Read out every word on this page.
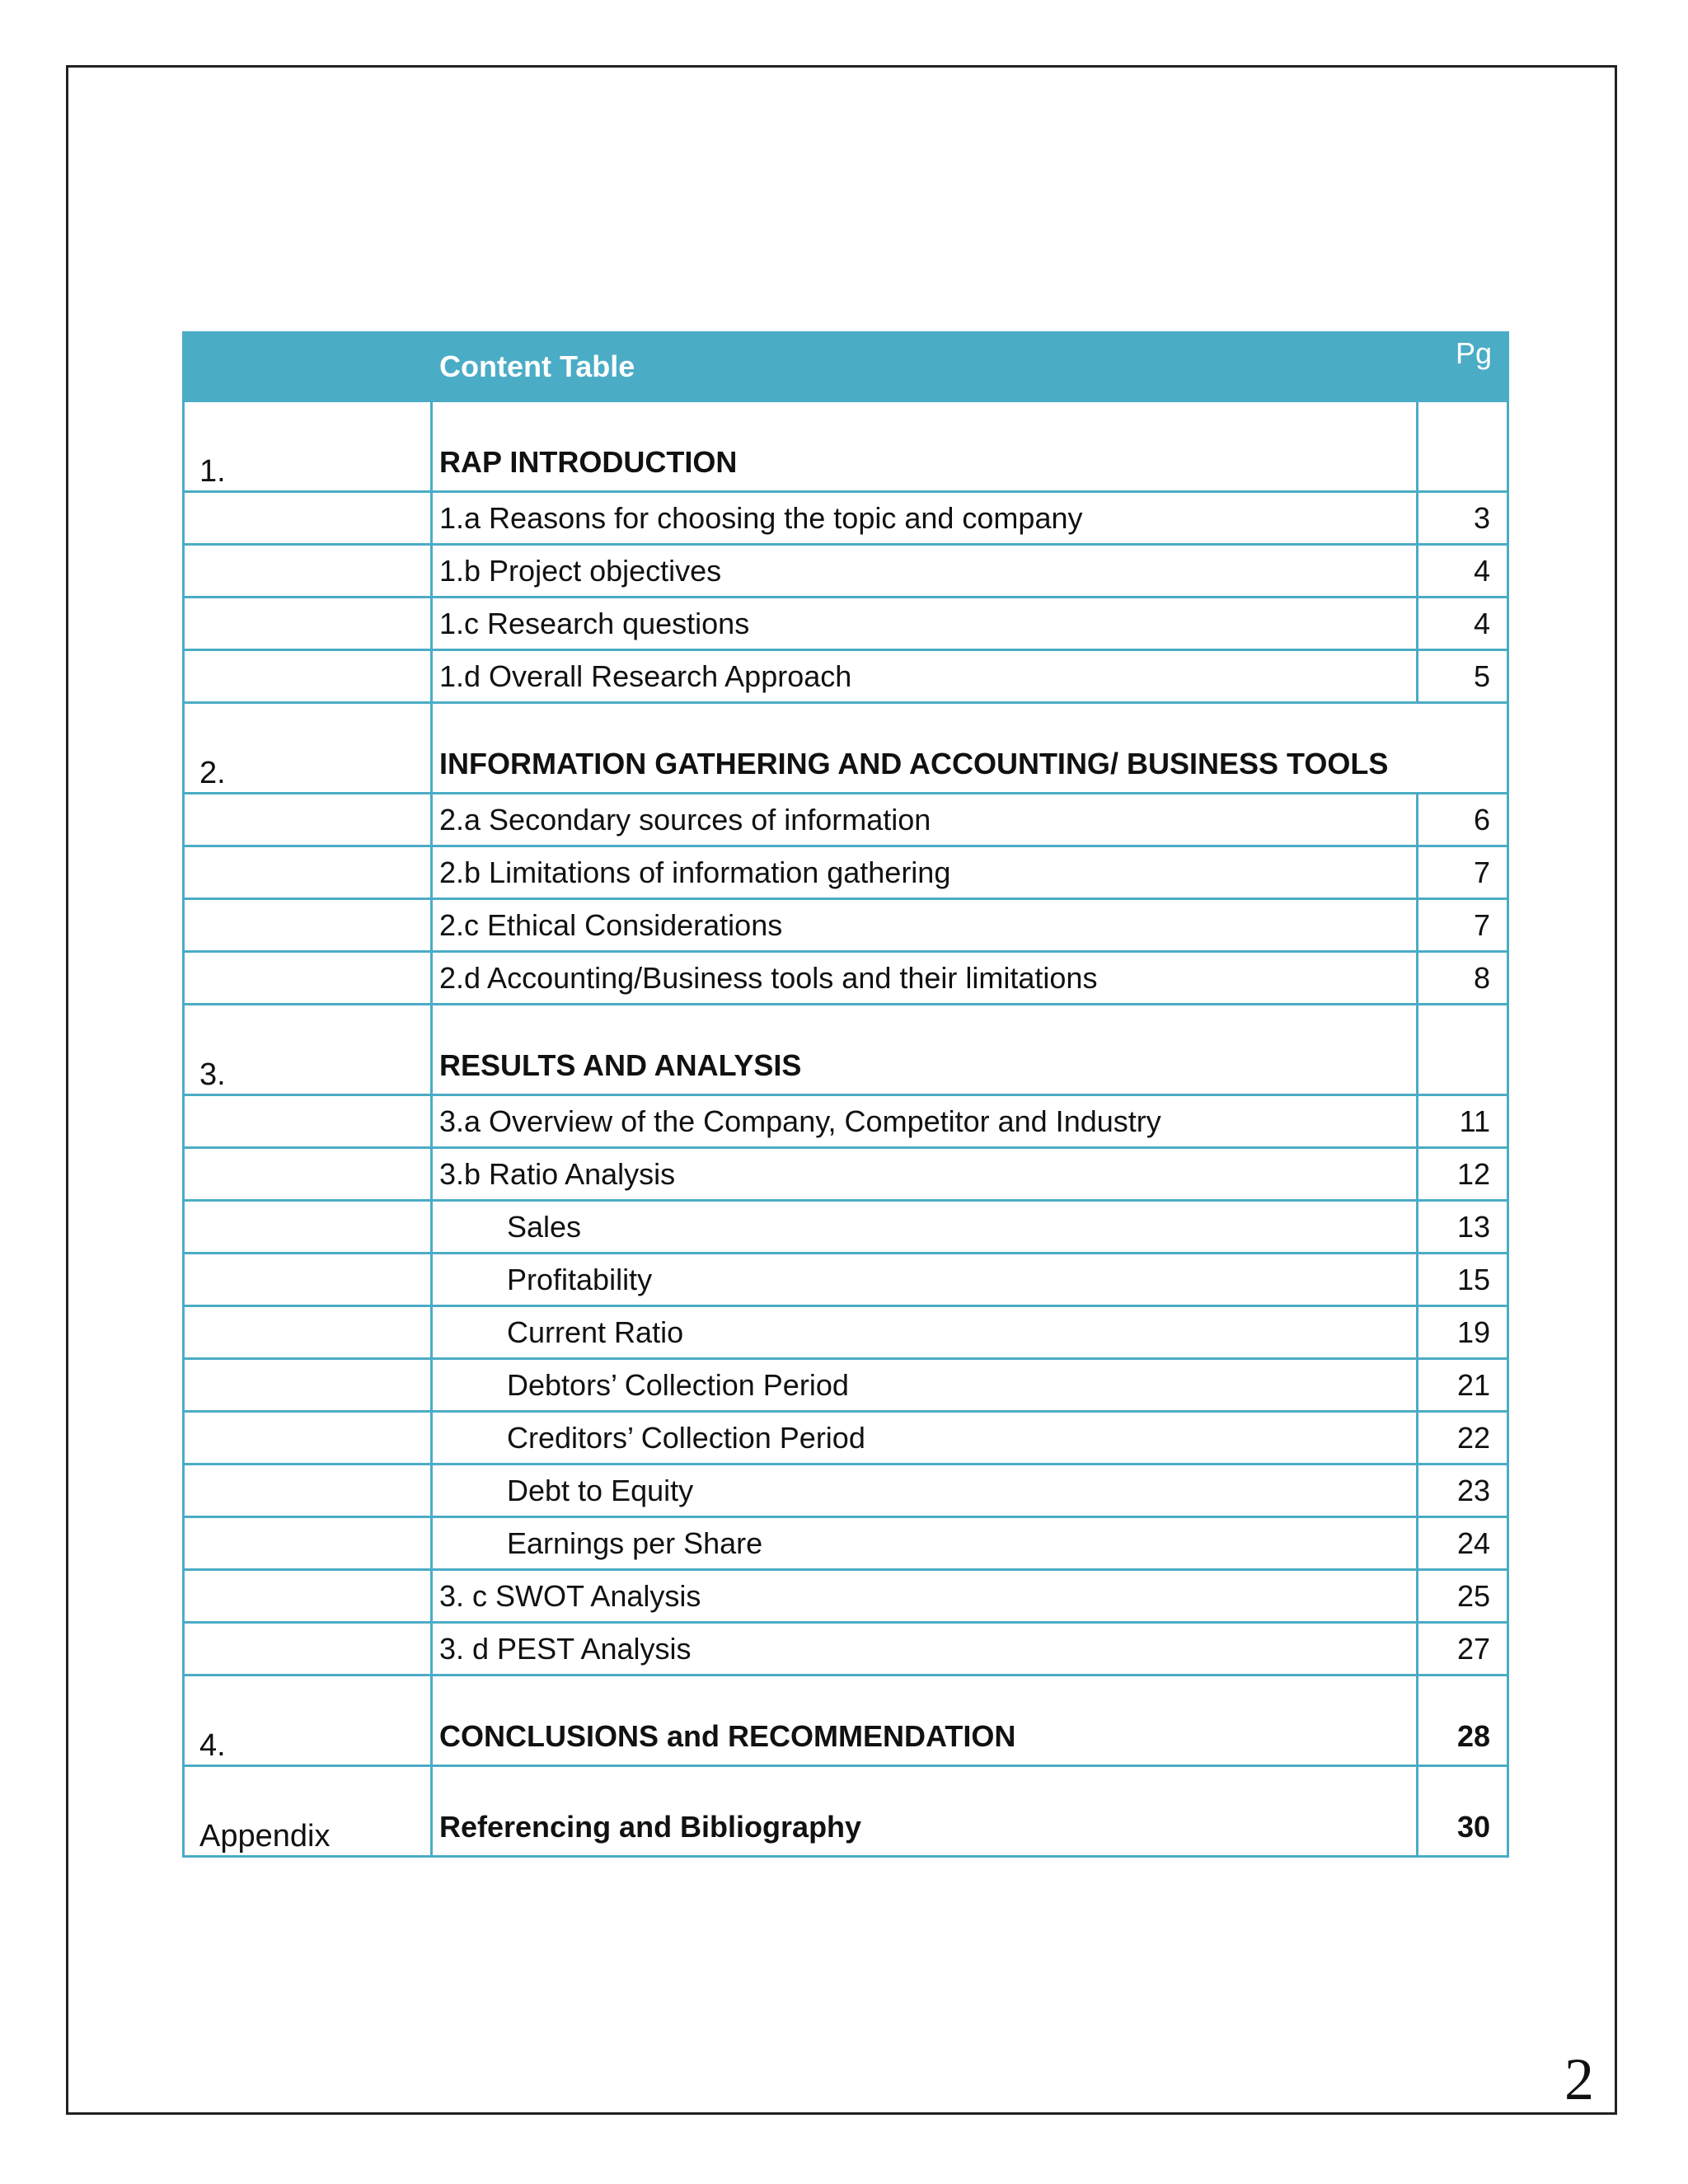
	Content Table	Pg
1.	RAP INTRODUCTION	
	1.a Reasons for choosing the topic and company	3
	1.b Project objectives	4
	1.c Research questions	4
	1.d Overall Research Approach	5
2.	INFORMATION GATHERING AND ACCOUNTING/ BUSINESS TOOLS	
	2.a Secondary sources of information	6
	2.b Limitations of information gathering	7
	2.c Ethical Considerations	7
	2.d Accounting/Business tools and their limitations	8
3.	RESULTS AND ANALYSIS	
	3.a Overview of the Company, Competitor and Industry	11
	3.b Ratio Analysis	12
	Sales	13
	Profitability	15
	Current Ratio	19
	Debtors’ Collection Period	21
	Creditors’ Collection Period	22
	Debt to Equity	23
	Earnings per Share	24
	3. c SWOT Analysis	25
	3. d PEST Analysis	27
4.	CONCLUSIONS and RECOMMENDATION	28
Appendix	Referencing and Bibliography	30
2
